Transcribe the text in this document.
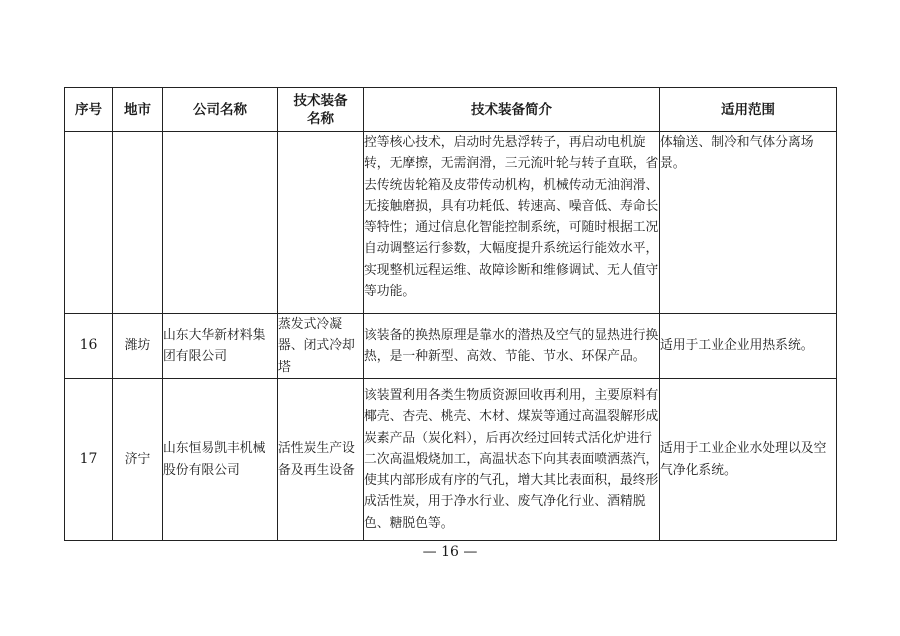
序号	地市	公司名称	技术装备名称	技术装备简介	适用范围
				控等核心技术，启动时先悬浮转子，再启动电机旋转，无摩擦，无需润滑，三元流叶轮与转子直联，省去传统齿轮箱及皮带传动机构，机械传动无油润滑、无接触磨损，具有功耗低、转速高、噪音低、寿命长等特性；通过信息化智能控制系统，可随时根据工况自动调整运行参数，大幅度提升系统运行能效水平，实现整机远程运维、故障诊断和维修调试、无人值守等功能。	体输送、制冷和气体分离场景。
16	潍坊	山东大华新材料集团有限公司	蒸发式冷凝器、闭式冷却塔	该装备的换热原理是靠水的潜热及空气的显热进行换热，是一种新型、高效、节能、节水、环保产品。	适用于工业企业用热系统。
17	济宁	山东恒易凯丰机械股份有限公司	活性炭生产设备及再生设备	该装置利用各类生物质资源回收再利用，主要原料有椰壳、杏壳、桃壳、木材、煤炭等通过高温裂解形成炭素产品（炭化料），后再次经过回转式活化炉进行二次高温煅烧加工，高温状态下向其表面喷洒蒸汽，使其内部形成有序的气孔，增大其比表面积，最终形成活性炭，用于净水行业、废气净化行业、酒精脱色、糖脱色等。	适用于工业企业水处理以及空气净化系统。
— 16 —
